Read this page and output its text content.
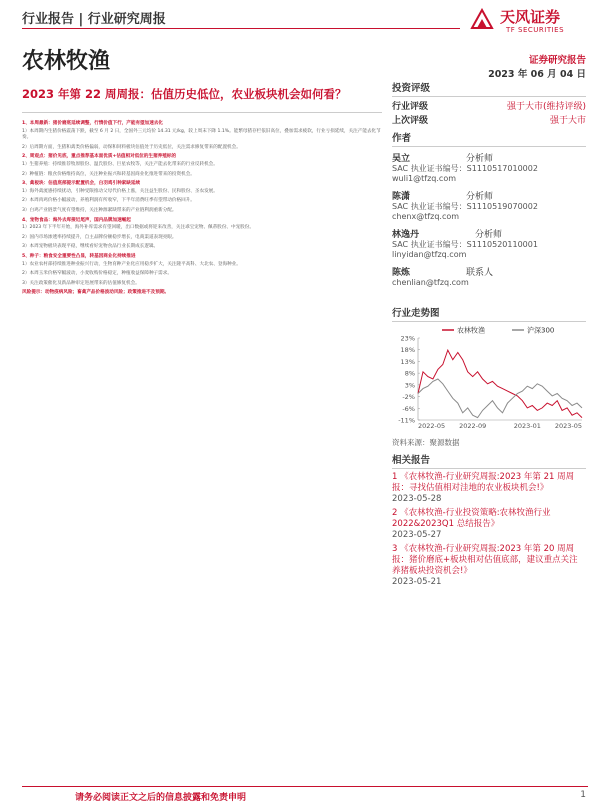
行业报告 | 行业研究周报	天风证券
TF SECURITIES
农林牧渔	证券研究报告
2023 年 06 月 04 日
2023 年第 22 周周报：估值历史低位，农业板块机会如何看？
1、本周最新：猪价磨底延续调整，行情价值下行，产能有望加速去化
1）本周期内生猪价格震荡下跌，截至 6 月 2 日，全国外三元均价 14.31 元/kg，较上周末下降 1.1%。能繁母猪存栏依旧高位，叠加需求疲软，行业亏损延续，关注产能去化节奏。
2）后周期方面，生猪和禽类价格偏弱，动保和饲料板块估值处于历史低位，关注需求修复带来的配置机会。
2、周观点：猪价见底，重点推荐基本面优质+估值相对低位的生猪养殖标的
1）生猪养殖：持续推荐牧原股份、温氏股份、巨星农牧等，关注产能去化带来的行业反转机会。
2）种植链：粮食价格维持高位，关注种业振兴和转基因商业化推进带来的投资机会。
3、禽板块：估值底部提示配置机会，白羽鸡引种紧缺延续
1）海外禽流感持续扰动，引种受限推动父母代价格上涨，关注益生股份、民和股份、圣农发展。
2）本周肉鸡价格小幅波动，养殖利润有所收窄，下半年消费旺季有望带动价格回升。
3）白鸡产业链景气度有望维持，关注种源紧缺带来的产业链利润重新分配。
4、宠物食品：海外去库接近尾声，国内品牌加速崛起
1）2023 年下半年开始，海外补库需求有望回暖，出口数据或将迎来改善，关注乖宝宠物、佩蒂股份、中宠股份。
2）国内市场渗透率持续提升，自主品牌份额稳步增长，电商渠道表现亮眼。
3）本周宠物板块表现平稳，继续看好宠物食品行业长期成长逻辑。
5、种子：粮食安全重要性凸显，转基因商业化持续推进
1）农业农村部持续推进种业振兴行动，生物育种产业化应用稳步扩大，关注隆平高科、大北农、登海种业。
2）本周玉米价格窄幅波动，小麦收购价格稳定，种植收益保障种子需求。
3）关注政策催化及新品种审定进展带来的估值修复机会。
风险提示：动物疫病风险；畜禽产品价格波动风险；政策推进不及预期。
投资评级
行业评级	强于大市(维持评级)
上次评级	强于大市
作者
吴立	分析师
SAC 执业证书编号：S1110517010002
wuli1@tfzq.com
陈潇	分析师
SAC 执业证书编号：S1110519070002
chenx@tfzq.com
林逸丹	分析师
SAC 执业证书编号：S1110520110001
linyidan@tfzq.com
陈炼	联系人
chenlian@tfzq.com
行业走势图
23%
18%
13%
8%
3%
-2%
-6%
-11%
2022-05 2022-09	2023-01 2023-05
农林牧渔	沪深300
资料来源：聚源数据
相关报告
1 《农林牧渔-行业研究周报:2023 年第 21 周周报：寻找估值相对洼地的农业板块机会!》
2023-05-28
2 《农林牧渔-行业投资策略:农林牧渔行业 2022&2023Q1 总结报告》
2023-05-27
3 《农林牧渔-行业研究周报:2023 年第 20 周周报：猪价磨底+板块相对估值底部，建议重点关注养猪板块投资机会!》
2023-05-21
请务必阅读正文之后的信息披露和免责申明	1
